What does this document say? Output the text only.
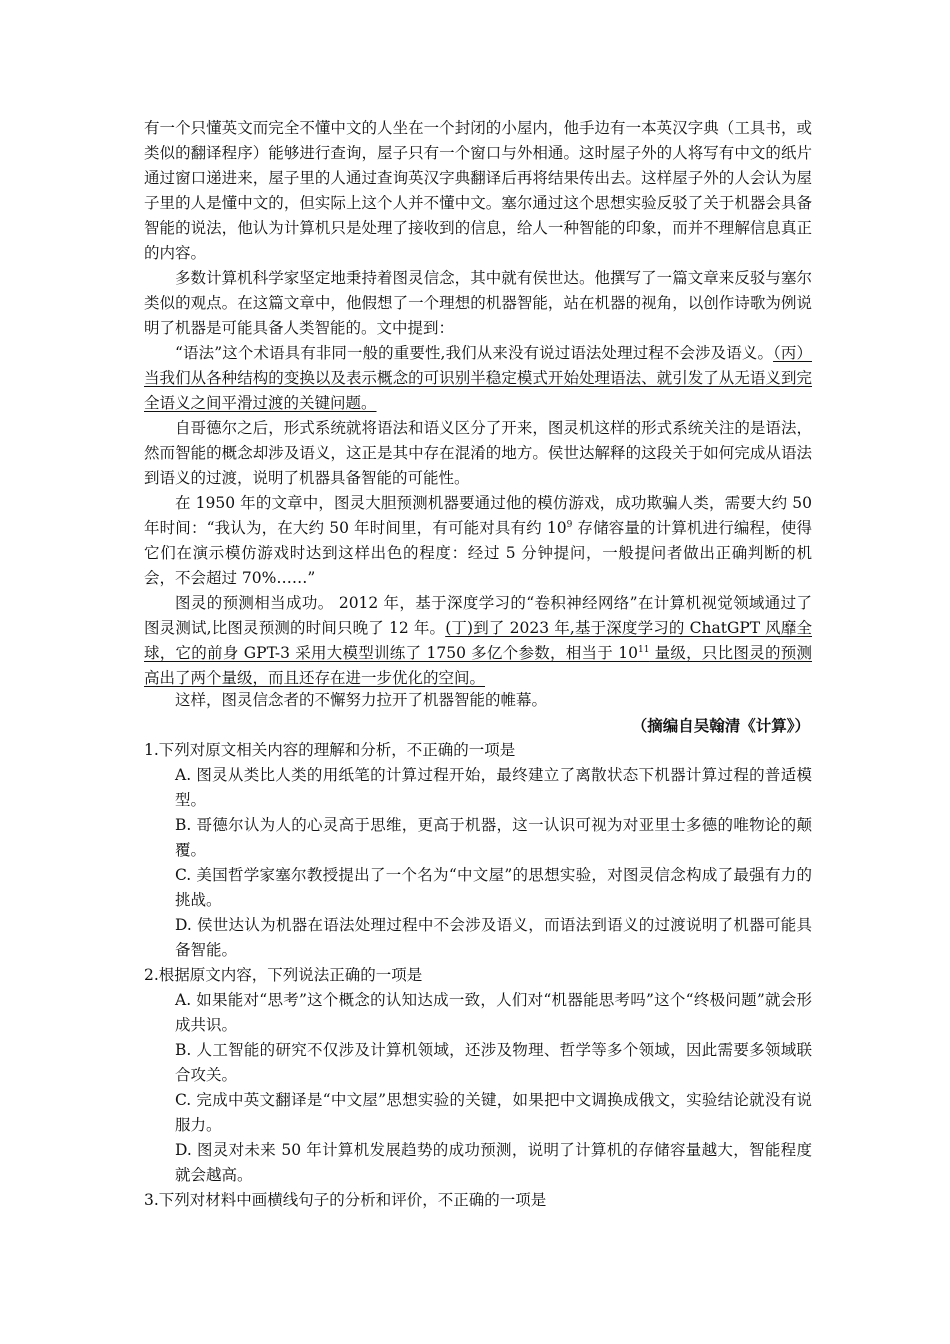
有一个只懂英文而完全不懂中文的人坐在一个封闭的小屋内，他手边有一本英汉字典（工具书，或类似的翻译程序）能够进行查询，屋子只有一个窗口与外相通。这时屋子外的人将写有中文的纸片通过窗口递进来，屋子里的人通过查询英汉字典翻译后再将结果传出去。这样屋子外的人会认为屋子里的人是懂中文的，但实际上这个人并不懂中文。塞尔通过这个思想实验反驳了关于机器会具备智能的说法，他认为计算机只是处理了接收到的信息，给人一种智能的印象，而并不理解信息真正的内容。

多数计算机科学家坚定地秉持着图灵信念，其中就有侯世达。他撰写了一篇文章来反驳与塞尔类似的观点。在这篇文章中，他假想了一个理想的机器智能，站在机器的视角，以创作诗歌为例说明了机器是可能具备人类智能的。文中提到：

“语法”这个术语具有非同一般的重要性,我们从来没有说过语法处理过程不会涉及语义。（丙）当我们从各种结构的变换以及表示概念的可识别半稳定模式开始处理语法、就引发了从无语义到完全语义之间平滑过渡的关键问题。

自哥德尔之后，形式系统就将语法和语义区分了开来，图灵机这样的形式系统关注的是语法，然而智能的概念却涉及语义，这正是其中存在混淆的地方。侯世达解释的这段关于如何完成从语法到语义的过渡，说明了机器具备智能的可能性。

在 1950 年的文章中，图灵大胆预测机器要通过他的模仿游戏，成功欺骗人类，需要大约 50 年时间：“我认为，在大约 50 年时间里，有可能对具有约 $10^9$ 存储容量的计算机进行编程，使得它们在演示模仿游戏时达到这样出色的程度：经过 5 分钟提问，一般提问者做出正确判断的机会，不会超过 70%……”

图灵的预测相当成功。 2012 年，基于深度学习的“卷积神经网络”在计算机视觉领域通过了图灵测试,比图灵预测的时间只晚了 12 年。(丁)到了 2023 年,基于深度学习的 ChatGPT 风靡全球，它的前身 GPT-3 采用大模型训练了 1750 多亿个参数，相当于 $10^{11}$ 量级，只比图灵的预测高出了两个量级，而且还存在进一步优化的空间。

这样，图灵信念者的不懈努力拉开了机器智能的帷幕。

（摘编自吴翰清《计算》）

1.下列对原文相关内容的理解和分析，不正确的一项是

A. 图灵从类比人类的用纸笔的计算过程开始，最终建立了离散状态下机器计算过程的普适模型。

B. 哥德尔认为人的心灵高于思维，更高于机器，这一认识可视为对亚里士多德的唯物论的颠覆。

C. 美国哲学家塞尔教授提出了一个名为“中文屋”的思想实验，对图灵信念构成了最强有力的挑战。

D. 侯世达认为机器在语法处理过程中不会涉及语义，而语法到语义的过渡说明了机器可能具备智能。

2.根据原文内容，下列说法正确的一项是

A. 如果能对“思考”这个概念的认知达成一致，人们对“机器能思考吗”这个“终极问题”就会形成共识。

B. 人工智能的研究不仅涉及计算机领域，还涉及物理、哲学等多个领域，因此需要多领域联合攻关。

C. 完成中英文翻译是“中文屋”思想实验的关键，如果把中文调换成俄文，实验结论就没有说服力。

D. 图灵对未来 50 年计算机发展趋势的成功预测，说明了计算机的存储容量越大，智能程度就会越高。

3.下列对材料中画横线句子的分析和评价，不正确的一项是
